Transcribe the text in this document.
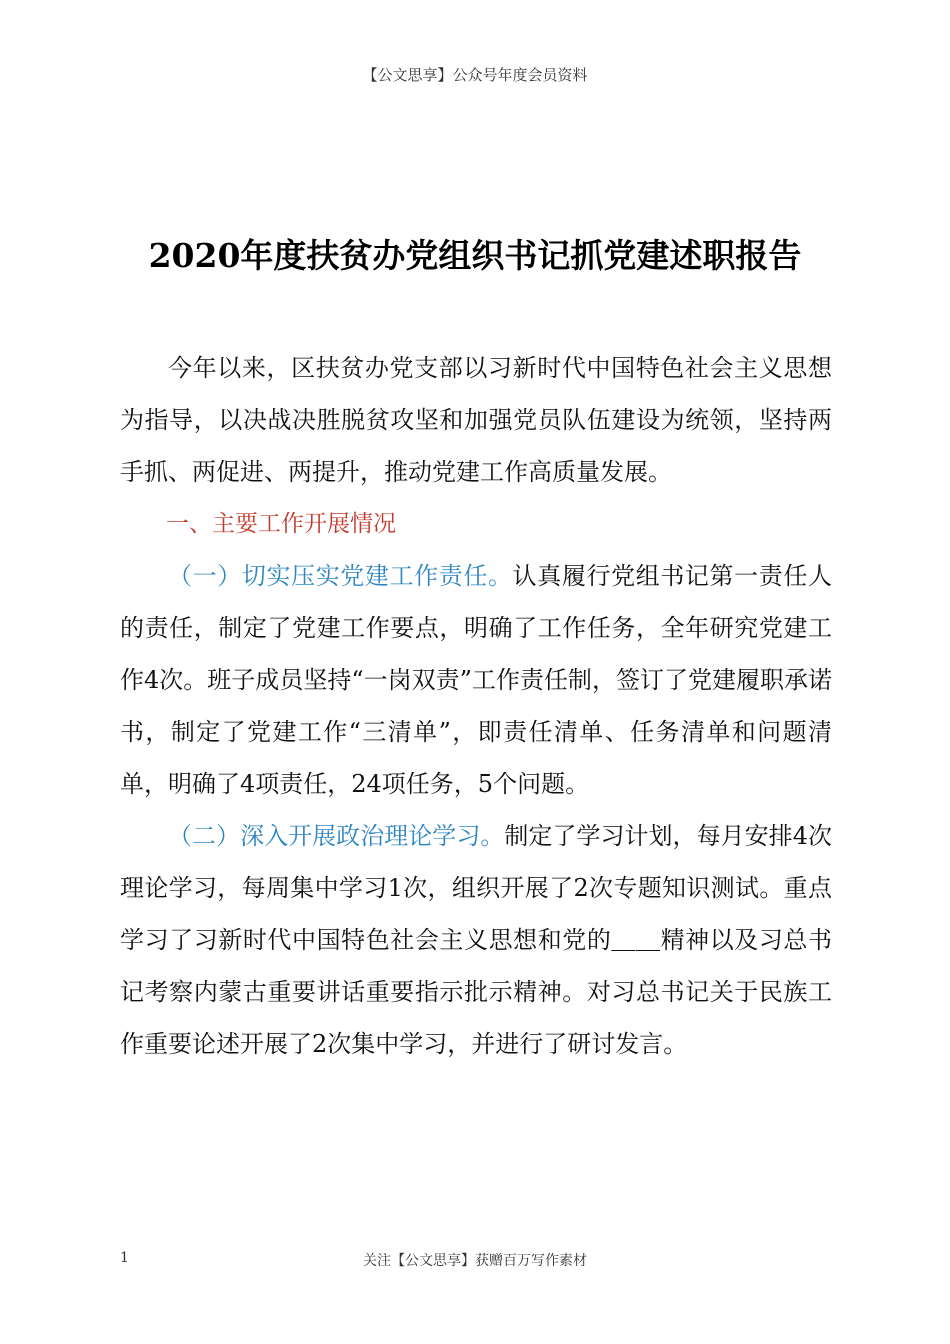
【公文思享】公众号年度会员资料
2020年度扶贫办党组织书记抓党建述职报告

今年以来，区扶贫办党支部以习新时代中国特色社会主义思想为指导，以决战决胜脱贫攻坚和加强党员队伍建设为统领，坚持两手抓、两促进、两提升，推动党建工作高质量发展。

一、主要工作开展情况

（一）切实压实党建工作责任。认真履行党组书记第一责任人的责任，制定了党建工作要点，明确了工作任务，全年研究党建工作4次。班子成员坚持“一岗双责”工作责任制，签订了党建履职承诺书，制定了党建工作“三清单”，即责任清单、任务清单和问题清单，明确了4项责任，24项任务，5个问题。

（二）深入开展政治理论学习。制定了学习计划，每月安排4次理论学习，每周集中学习1次，组织开展了2次专题知识测试。重点学习了习新时代中国特色社会主义思想和党的＿＿精神以及习总书记考察内蒙古重要讲话重要指示批示精神。对习总书记关于民族工作重要论述开展了2次集中学习，并进行了研讨发言。

1	关注【公文思享】获赠百万写作素材
